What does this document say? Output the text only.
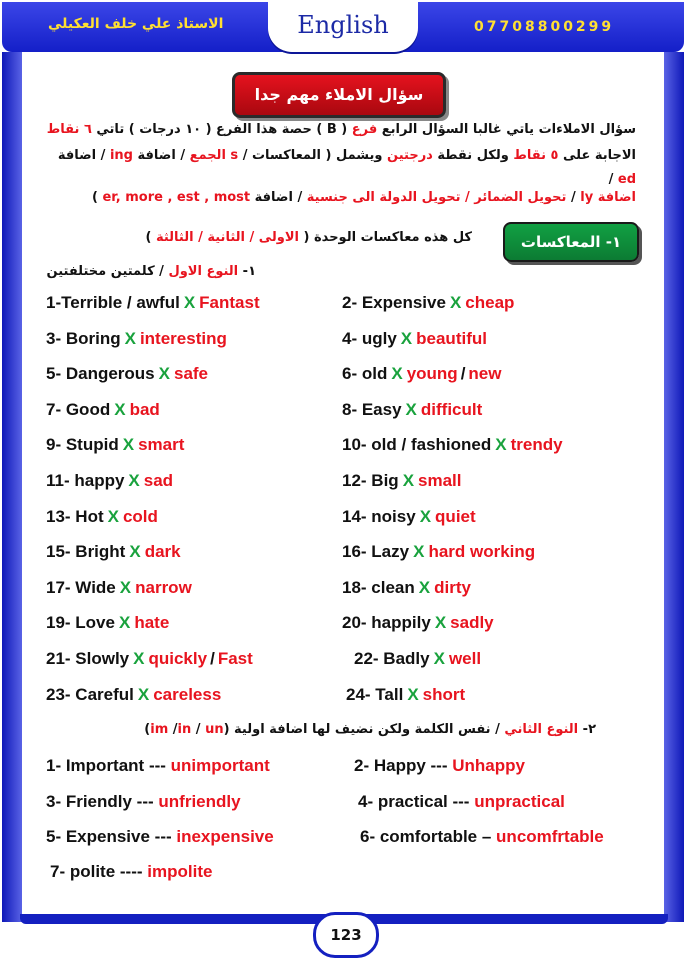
الاستاذ علي خلف العكيلي	07708800299
English
123
سؤال الاملاء مهم جدا
سؤال الاملاءات ياتي غالبا السؤال الرابع فرع ( B ) حصة هذا الفرع ( ١٠ درجات ) تاتي ٦ نقاط
الاجابة على ٥ نقاط ولكل نقطة درجتين ويشمل ( المعاكسات / s الجمع / اضافة ing / اضافة ed /
اضافة ly / تحويل الضمائر / تحويل الدولة الى جنسية / اضافة er, more , est , most )
١- المعاكسات
كل هذه معاكسات الوحدة ( الاولى / الثانية / الثالثة )
١- النوع الاول / كلمتين مختلفتين
1-Terrible / awful X Fantast	2- Expensive X cheap
3- Boring X interesting	4- ugly X beautiful
5- Dangerous X safe	6- old X young / new
7- Good X bad	8- Easy X difficult
9- Stupid X smart	10- old / fashioned X trendy
11- happy X sad	12- Big X small
13- Hot X cold	14- noisy X quiet
15- Bright X dark	16- Lazy X hard working
17- Wide X narrow	18- clean X dirty
19- Love X hate	20- happily X sadly
21- Slowly X quickly / Fast	22- Badly X well
23- Careful X careless	24- Tall X short
٢- النوع الثاني / نفس الكلمة ولكن نضيف لها اضافة اولية (im /in / un)
1- Important --- unimportant	2- Happy --- Unhappy
3- Friendly --- unfriendly	4- practical --- unpractical
5- Expensive --- inexpensive	6- comfortable – uncomfrtable
7- polite ---- impolite
